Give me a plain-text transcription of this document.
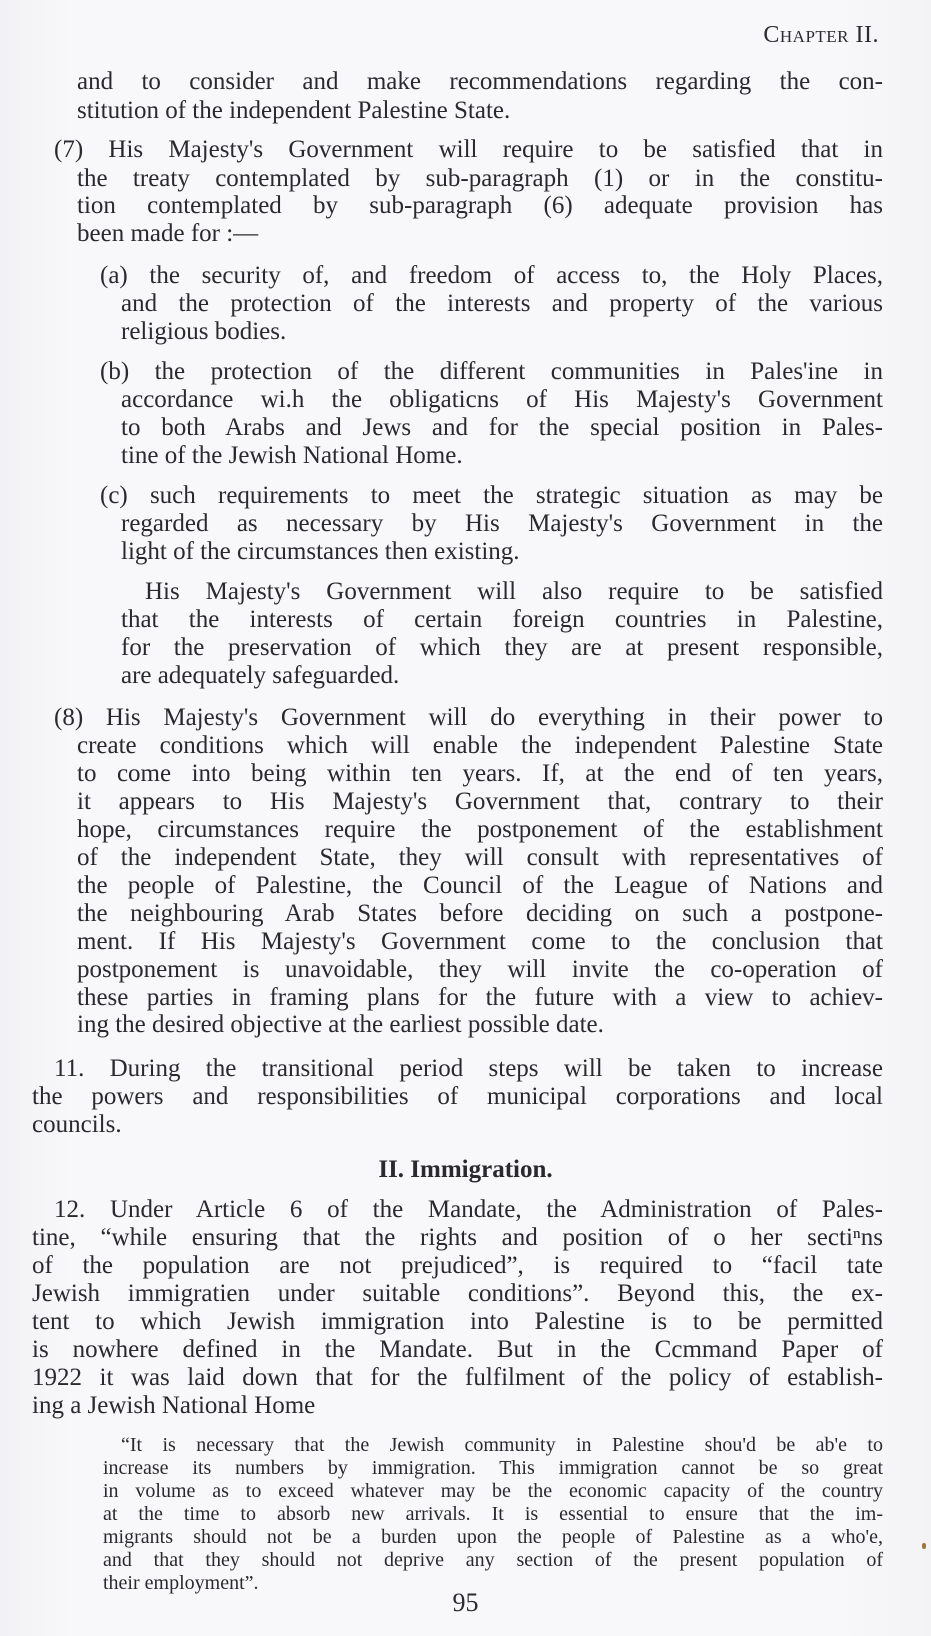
Chapter II.
and to consider and make recommendations regarding the con-
stitution of the independent Palestine State.
(7) His Majesty's Government will require to be satisfied that in
the treaty contemplated by sub-paragraph (1) or in the constitu-
tion contemplated by sub-paragraph (6) adequate provision has
been made for :—
(a) the security of, and freedom of access to, the Holy Places,
and the protection of the interests and property of the various
religious bodies.
(b) the protection of the different communities in Pales'ine in
accordance wi.h the obligaticns of His Majesty's Government
to both Arabs and Jews and for the special position in Pales-
tine of the Jewish National Home.
(c) such requirements to meet the strategic situation as may be
regarded as necessary by His Majesty's Government in the
light of the circumstances then existing.
His Majesty's Government will also require to be satisfied
that the interests of certain foreign countries in Palestine,
for the preservation of which they are at present responsible,
are adequately safeguarded.
(8) His Majesty's Government will do everything in their power to
create conditions which will enable the independent Palestine State
to come into being within ten years. If, at the end of ten years,
it appears to His Majesty's Government that, contrary to their
hope, circumstances require the postponement of the establishment
of the independent State, they will consult with representatives of
the people of Palestine, the Council of the League of Nations and
the neighbouring Arab States before deciding on such a postpone-
ment. If His Majesty's Government come to the conclusion that
postponement is unavoidable, they will invite the co-operation of
these parties in framing plans for the future with a view to achiev-
ing the desired objective at the earliest possible date.
11. During the transitional period steps will be taken to increase
the powers and responsibilities of municipal corporations and local
councils.
II. Immigration.
12. Under Article 6 of the Mandate, the Administration of Pales-
tine, “while ensuring that the rights and position of o her sectiⁿns
of the population are not prejudiced”, is required to “facil tate
Jewish immigratien under suitable conditions”. Beyond this, the ex-
tent to which Jewish immigration into Palestine is to be permitted
is nowhere defined in the Mandate. But in the Ccmmand Paper of
1922 it was laid down that for the fulfilment of the policy of establish-
ing a Jewish National Home
“It is necessary that the Jewish community in Palestine shou'd be ab'e to
increase its numbers by immigration. This immigration cannot be so great
in volume as to exceed whatever may be the economic capacity of the country
at the time to absorb new arrivals. It is essential to ensure that the im-
migrants should not be a burden upon the people of Palestine as a who'e,
and that they should not deprive any section of the present population of
their employment”.
95
